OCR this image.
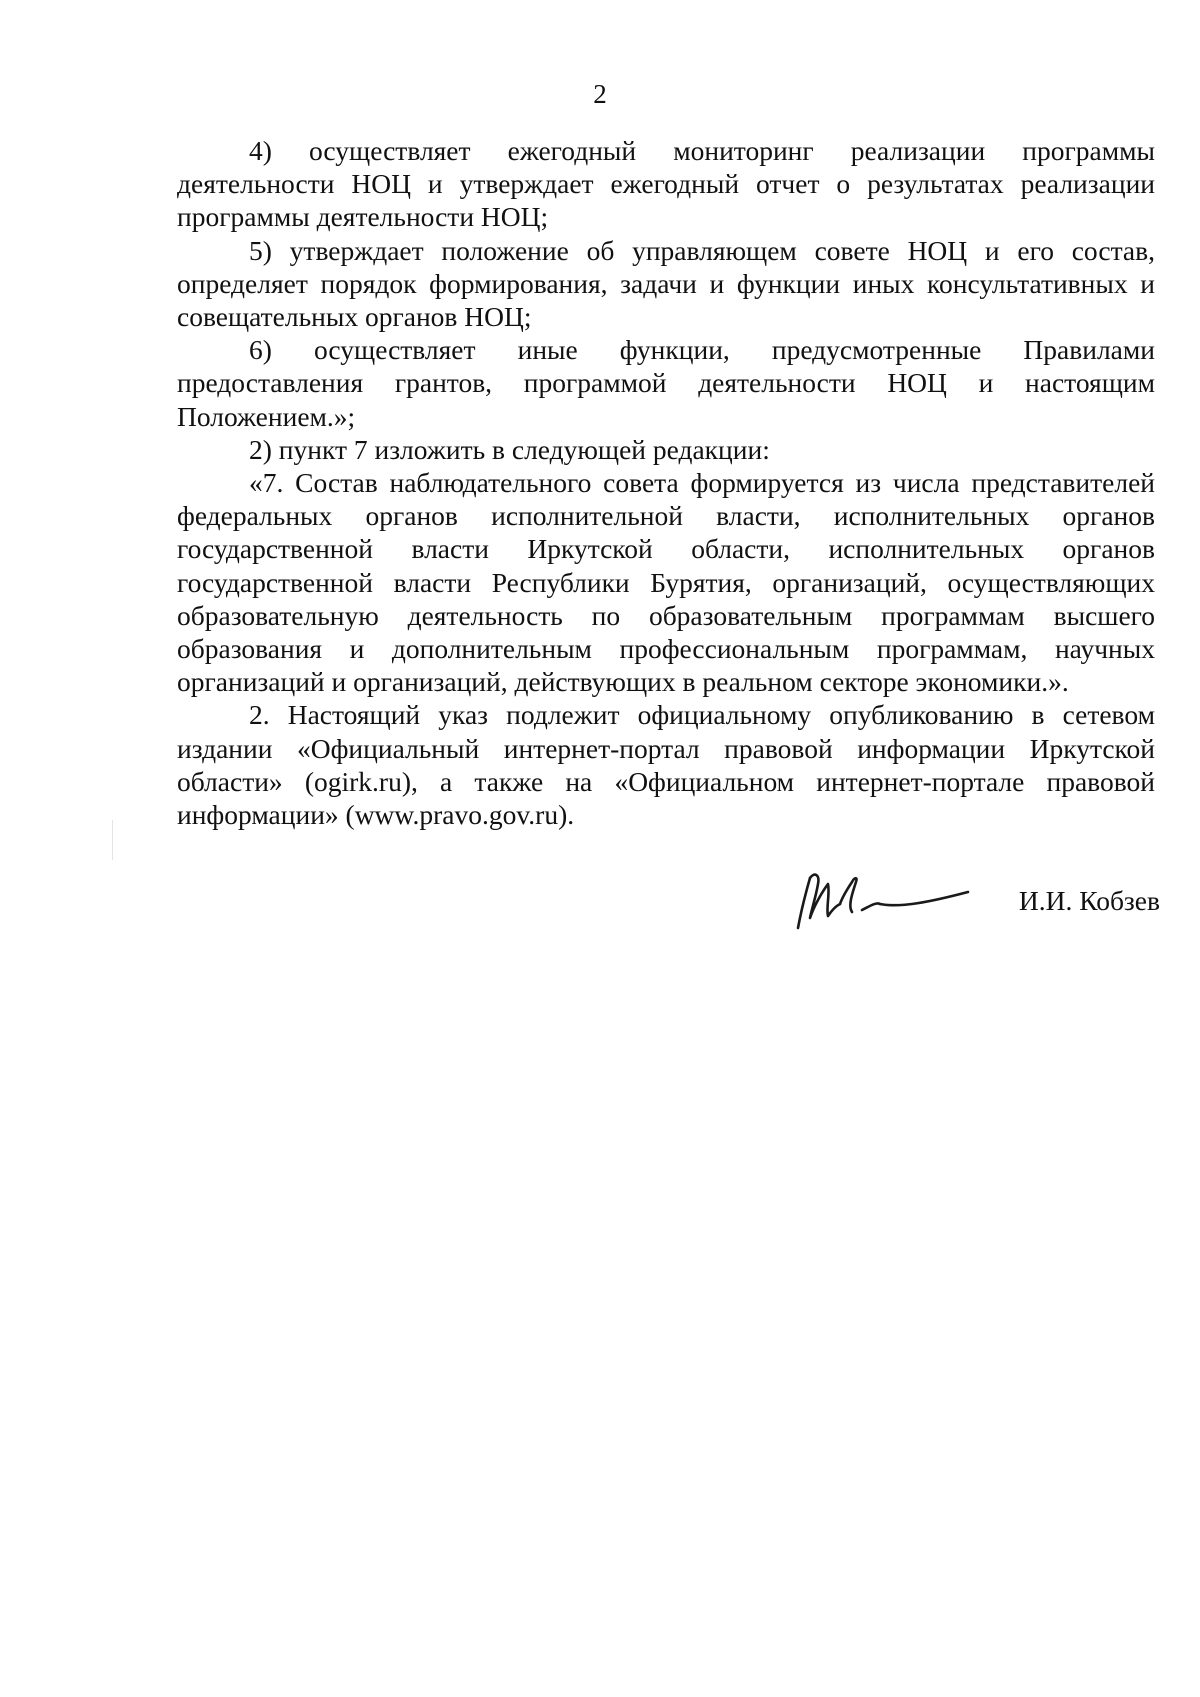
2

4) осуществляет ежегодный мониторинг реализации программы деятельности НОЦ и утверждает ежегодный отчет о результатах реализации программы деятельности НОЦ;

5) утверждает положение об управляющем совете НОЦ и его состав, определяет порядок формирования, задачи и функции иных консультативных и совещательных органов НОЦ;

6) осуществляет иные функции, предусмотренные Правилами предоставления грантов, программой деятельности НОЦ и настоящим Положением.»;

2) пункт 7 изложить в следующей редакции:

«7. Состав наблюдательного совета формируется из числа представителей федеральных органов исполнительной власти, исполнительных органов государственной власти Иркутской области, исполнительных органов государственной власти Республики Бурятия, организаций, осуществляющих образовательную деятельность по образовательным программам высшего образования и дополнительным профессиональным программам, научных организаций и организаций, действующих в реальном секторе экономики.».

2. Настоящий указ подлежит официальному опубликованию в сетевом издании «Официальный интернет-портал правовой информации Иркутской области» (ogirk.ru), а также на «Официальном интернет-портале правовой информации» (www.pravo.gov.ru).

И.И. Кобзев
